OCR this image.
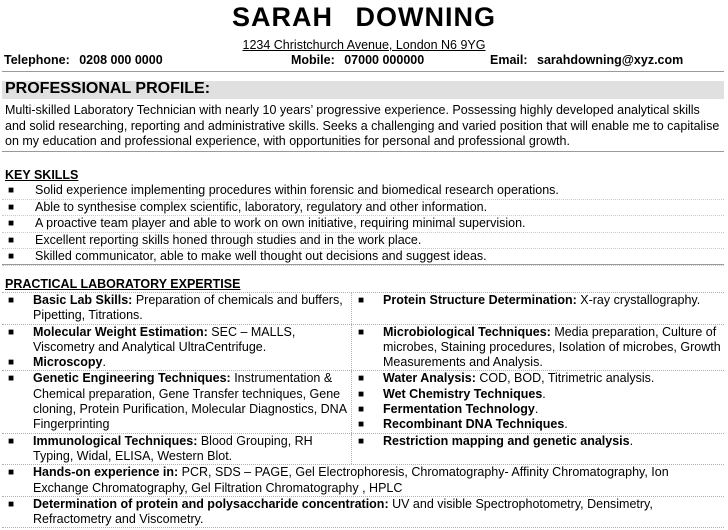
SARAH DOWNING
1234 Christchurch Avenue, London N6 9YG
Telephone: 0208 000 0000	Mobile: 07000 000000	Email: sarahdowning@xyz.com
PROFESSIONAL PROFILE:
Multi-skilled Laboratory Technician with nearly 10 years’ progressive experience. Possessing highly developed analytical skills and solid researching, reporting and administrative skills. Seeks a challenging and varied position that will enable me to capitalise on my education and professional experience, with opportunities for personal and professional growth.
KEY SKILLS
■ Solid experience implementing procedures within forensic and biomedical research operations.
■ Able to synthesise complex scientific, laboratory, regulatory and other information.
■ A proactive team player and able to work on own initiative, requiring minimal supervision.
■ Excellent reporting skills honed through studies and in the work place.
■ Skilled communicator, able to make well thought out decisions and suggest ideas.
PRACTICAL LABORATORY EXPERTISE
■ Basic Lab Skills: Preparation of chemicals and buffers, Pipetting, Titrations.
■ Protein Structure Determination: X-ray crystallography.
■ Molecular Weight Estimation: SEC – MALLS, Viscometry and Analytical UltraCentrifuge.
■ Microscopy.
■ Microbiological Techniques: Media preparation, Culture of microbes, Staining procedures, Isolation of microbes, Growth Measurements and Analysis.
■ Genetic Engineering Techniques: Instrumentation & Chemical preparation, Gene Transfer techniques, Gene cloning, Protein Purification, Molecular Diagnostics, DNA Fingerprinting
■ Water Analysis: COD, BOD, Titrimetric analysis.
■ Wet Chemistry Techniques.
■ Fermentation Technology.
■ Recombinant DNA Techniques.
■ Immunological Techniques: Blood Grouping, RH Typing, Widal, ELISA, Western Blot.
■ Restriction mapping and genetic analysis.
■ Hands-on experience in: PCR, SDS – PAGE, Gel Electrophoresis, Chromatography- Affinity Chromatography, Ion Exchange Chromatography, Gel Filtration Chromatography , HPLC
■ Determination of protein and polysaccharide concentration: UV and visible Spectrophotometry, Densimetry, Refractometry and Viscometry.
